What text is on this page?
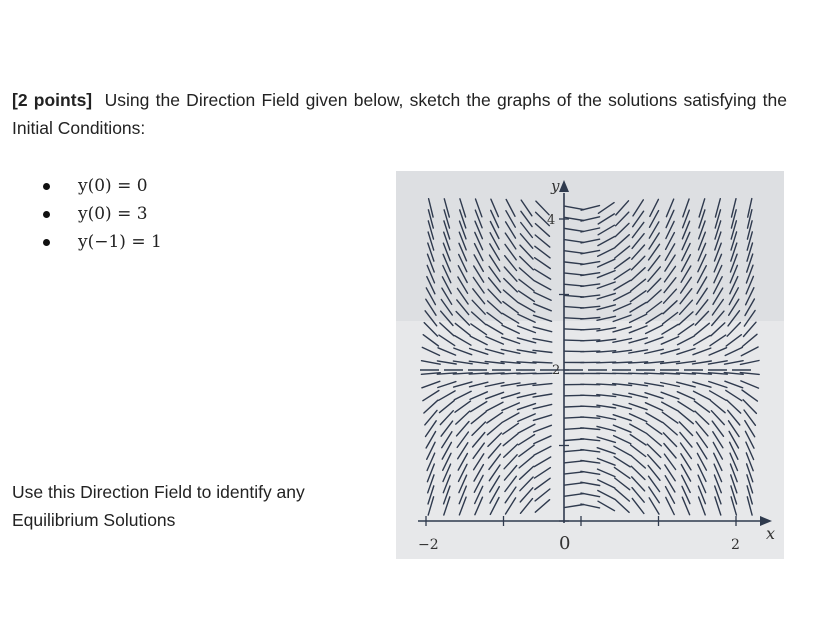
[2 points] Using the Direction Field given below, sketch the graphs of the solutions satisfying the Initial Conditions:

y(0) = 0
y(0) = 3
y(−1) = 1

Use this Direction Field to identify any Equilibrium Solutions

y
x
4
2
−2	0	2
